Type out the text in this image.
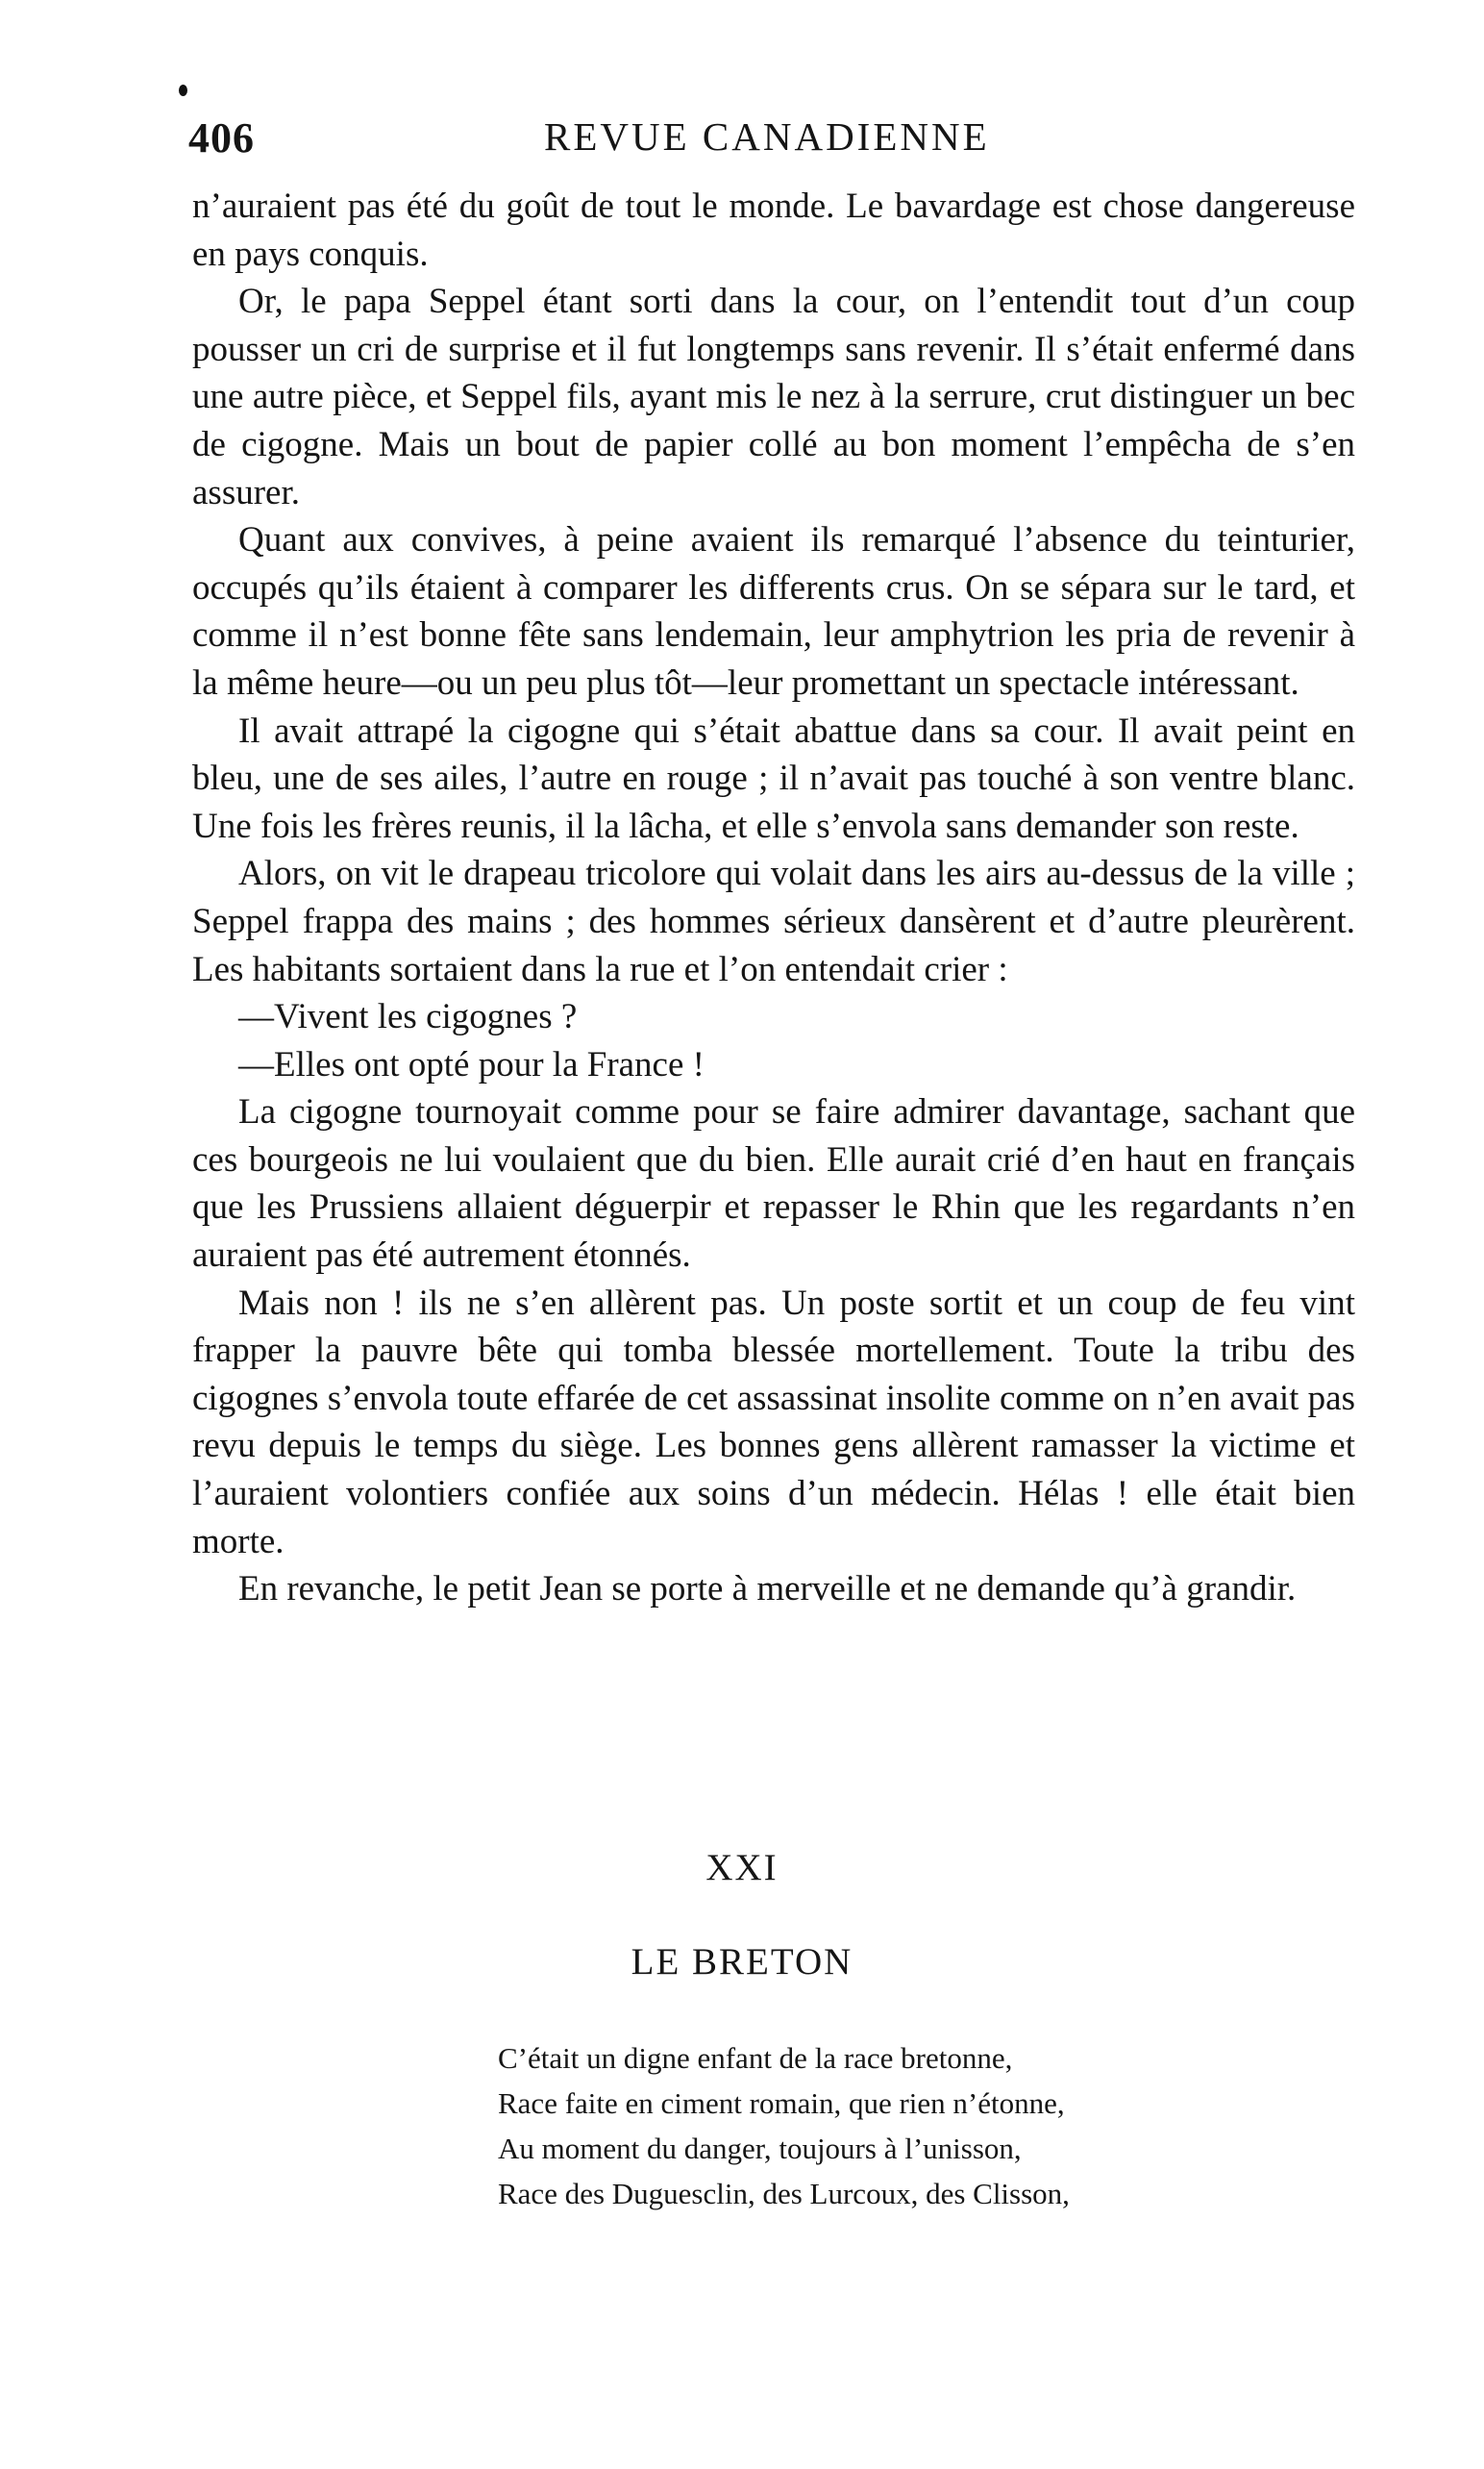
406	REVUE CANADIENNE

n’auraient pas été du goût de tout le monde. Le bavardage est chose dangereuse en pays conquis.

Or, le papa Seppel étant sorti dans la cour, on l’entendit tout d’un coup pousser un cri de surprise et il fut longtemps sans revenir. Il s’était enfermé dans une autre pièce, et Seppel fils, ayant mis le nez à la serrure, crut distinguer un bec de cigogne. Mais un bout de papier collé au bon moment l’empêcha de s’en assurer.

Quant aux convives, à peine avaient ils remarqué l’absence du teinturier, occupés qu’ils étaient à comparer les differents crus. On se sépara sur le tard, et comme il n’est bonne fête sans lendemain, leur amphytrion les pria de revenir à la même heure—ou un peu plus tôt—leur promettant un spectacle intéressant.

Il avait attrapé la cigogne qui s’était abattue dans sa cour. Il avait peint en bleu, une de ses ailes, l’autre en rouge ; il n’avait pas touché à son ventre blanc. Une fois les frères reunis, il la lâcha, et elle s’envola sans demander son reste.

Alors, on vit le drapeau tricolore qui volait dans les airs au-dessus de la ville ; Seppel frappa des mains ; des hommes sérieux dansèrent et d’autre pleurèrent. Les habitants sortaient dans la rue et l’on entendait crier :

—Vivent les cigognes ?

—Elles ont opté pour la France !

La cigogne tournoyait comme pour se faire admirer davantage, sachant que ces bourgeois ne lui voulaient que du bien. Elle aurait crié d’en haut en français que les Prussiens allaient déguerpir et repasser le Rhin que les regardants n’en auraient pas été autrement étonnés.

Mais non ! ils ne s’en allèrent pas. Un poste sortit et un coup de feu vint frapper la pauvre bête qui tomba blessée mortellement. Toute la tribu des cigognes s’envola toute effarée de cet assassinat insolite comme on n’en avait pas revu depuis le temps du siège. Les bonnes gens allèrent ramasser la victime et l’auraient volontiers confiée aux soins d’un médecin. Hélas ! elle était bien morte.

En revanche, le petit Jean se porte à merveille et ne demande qu’à grandir.

XXI
LE BRETON
C’était un digne enfant de la race bretonne,
Race faite en ciment romain, que rien n’étonne,
Au moment du danger, toujours à l’unisson,
Race des Duguesclin, des Lurcoux, des Clisson,
